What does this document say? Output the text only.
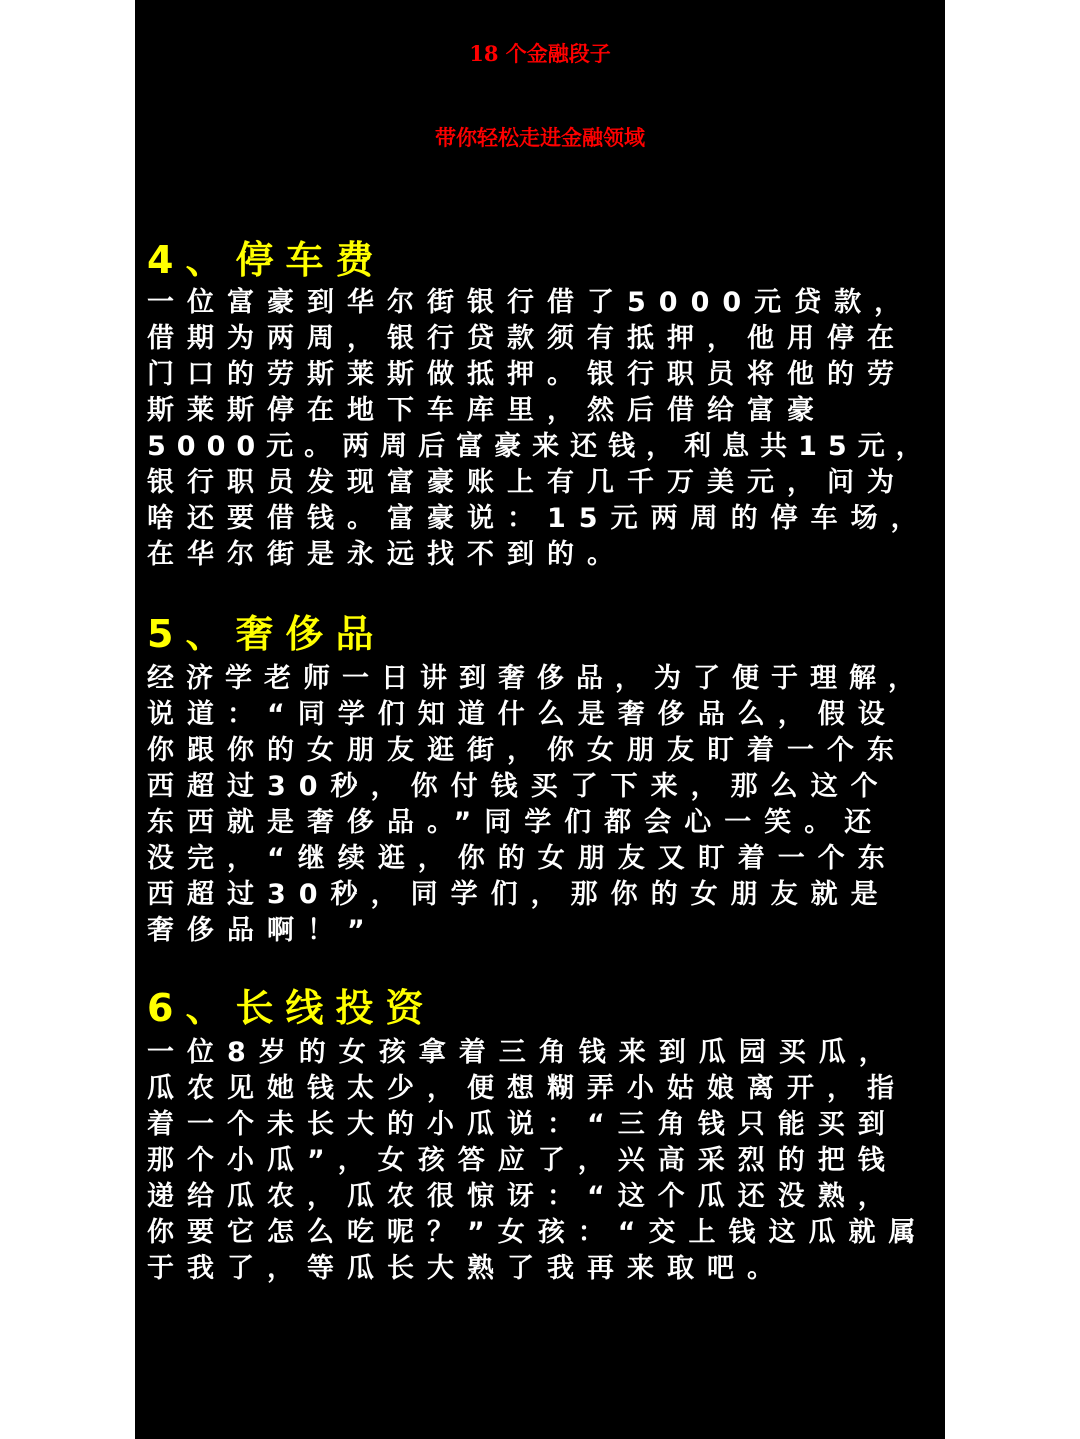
18 个金融段子
带你轻松走进金融领域
4、停车费
一位富豪到华尔街银行借了5000元贷款，
借期为两周，银行贷款须有抵押，他用停在
门口的劳斯莱斯做抵押。银行职员将他的劳
斯莱斯停在地下车库里，然后借给富豪
5000元。两周后富豪来还钱，利息共15元，
银行职员发现富豪账上有几千万美元，问为
啥还要借钱。富豪说：15元两周的停车场，
在华尔街是永远找不到的。
5、奢侈品
经济学老师一日讲到奢侈品，为了便于理解，
说道：“同学们知道什么是奢侈品么，假设
你跟你的女朋友逛街，你女朋友盯着一个东
西超过30秒，你付钱买了下来，那么这个
东西就是奢侈品。”同学们都会心一笑。还
没完，“继续逛，你的女朋友又盯着一个东
西超过30秒，同学们，那你的女朋友就是
奢侈品啊！”
6、长线投资
一位8岁的女孩拿着三角钱来到瓜园买瓜，
瓜农见她钱太少，便想糊弄小姑娘离开，指
着一个未长大的小瓜说：“三角钱只能买到
那个小瓜”，女孩答应了，兴高采烈的把钱
递给瓜农，瓜农很惊讶：“这个瓜还没熟，
你要它怎么吃呢？”女孩：“交上钱这瓜就属
于我了，等瓜长大熟了我再来取吧。
